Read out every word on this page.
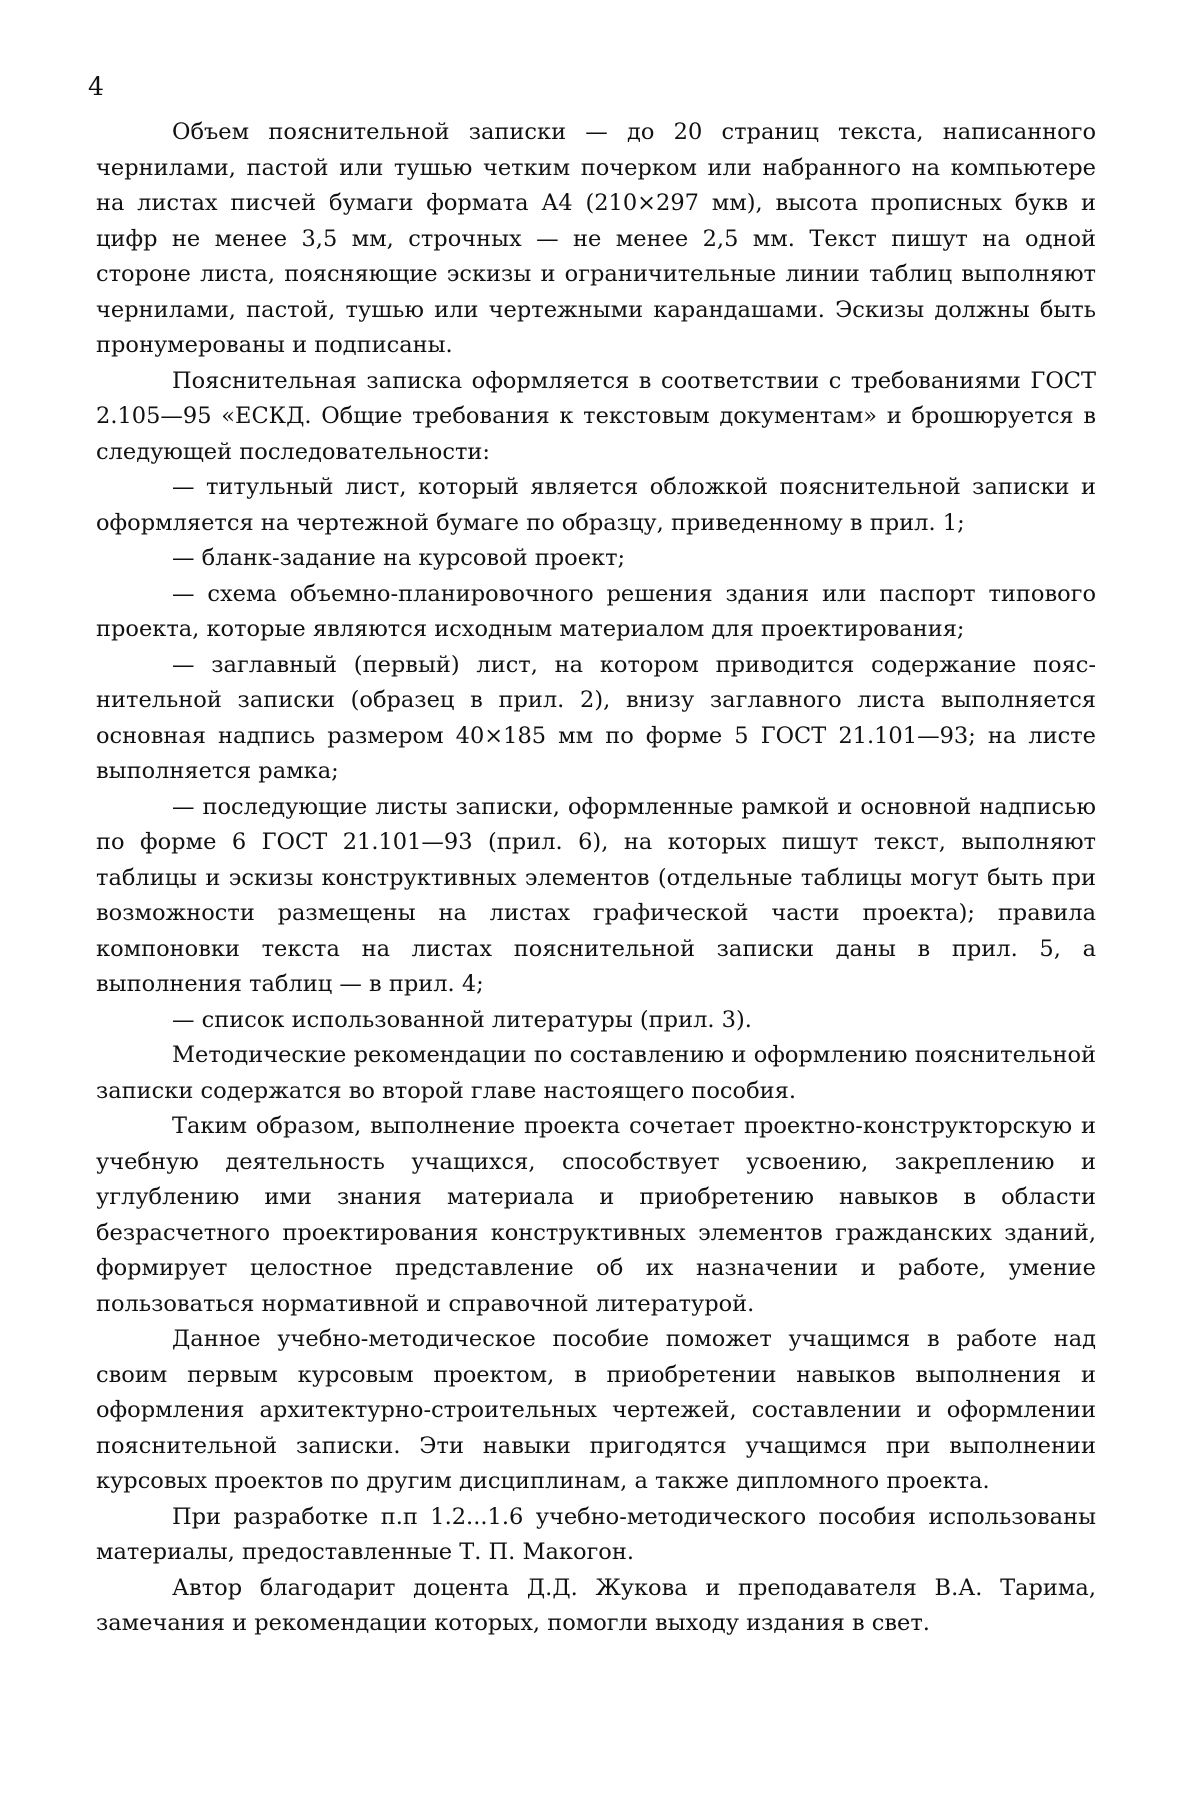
4

Объем пояснительной записки — до 20 страниц текста, написанного чернилами, пастой или тушью четким почерком или набранного на компьютере на листах писчей бумаги формата А4 (210×297 мм), высота прописных букв и цифр не менее 3,5 мм, строчных — не менее 2,5 мм. Текст пишут на одной стороне листа, поясняющие эскизы и ограничительные линии таблиц выполняют чернилами, пастой, тушью или чертежными карандашами. Эскизы должны быть пронумерованы и подписаны.

Пояснительная записка оформляется в соответствии с требованиями ГОСТ 2.105—95 «ЕСКД. Общие требования к текстовым документам» и брошюруется в следующей последовательности:

— титульный лист, который является обложкой пояснительной записки и оформляется на чертежной бумаге по образцу, приведенному в прил. 1;

— бланк-задание на курсовой проект;

— схема объемно-планировочного решения здания или паспорт типового проекта, которые являются исходным материалом для проектирования;

— заглавный (первый) лист, на котором приводится содержание пояснительной записки (образец в прил. 2), внизу заглавного листа выполняется основная надпись размером 40×185 мм по форме 5 ГОСТ 21.101—93; на листе выполняется рамка;

— последующие листы записки, оформленные рамкой и основной надписью по форме 6 ГОСТ 21.101—93 (прил. 6), на которых пишут текст, выполняют таблицы и эскизы конструктивных элементов (отдельные таблицы могут быть при возможности размещены на листах графической части проекта); правила компоновки текста на листах пояснительной записки даны в прил. 5, а выполнения таблиц — в прил. 4;

— список использованной литературы (прил. 3).

Методические рекомендации по составлению и оформлению пояснительной записки содержатся во второй главе настоящего пособия.

Таким образом, выполнение проекта сочетает проектно-конструкторскую и учебную деятельность учащихся, способствует усвоению, закреплению и углублению ими знания материала и приобретению навыков в области безрасчетного проектирования конструктивных элементов гражданских зданий, формирует целостное представление об их назначении и работе, умение пользоваться нормативной и справочной литературой.

Данное учебно-методическое пособие поможет учащимся в работе над своим первым курсовым проектом, в приобретении навыков выполнения и оформления архитектурно-строительных чертежей, составлении и оформлении пояснительной записки. Эти навыки пригодятся учащимся при выполнении курсовых проектов по другим дисциплинам, а также дипломного проекта.

При разработке п.п 1.2...1.6 учебно-методического пособия использованы материалы, предоставленные Т. П. Макогон.

Автор благодарит доцента Д.Д. Жукова и преподавателя В.А. Тарима, замечания и рекомендации которых, помогли выходу издания в свет.
